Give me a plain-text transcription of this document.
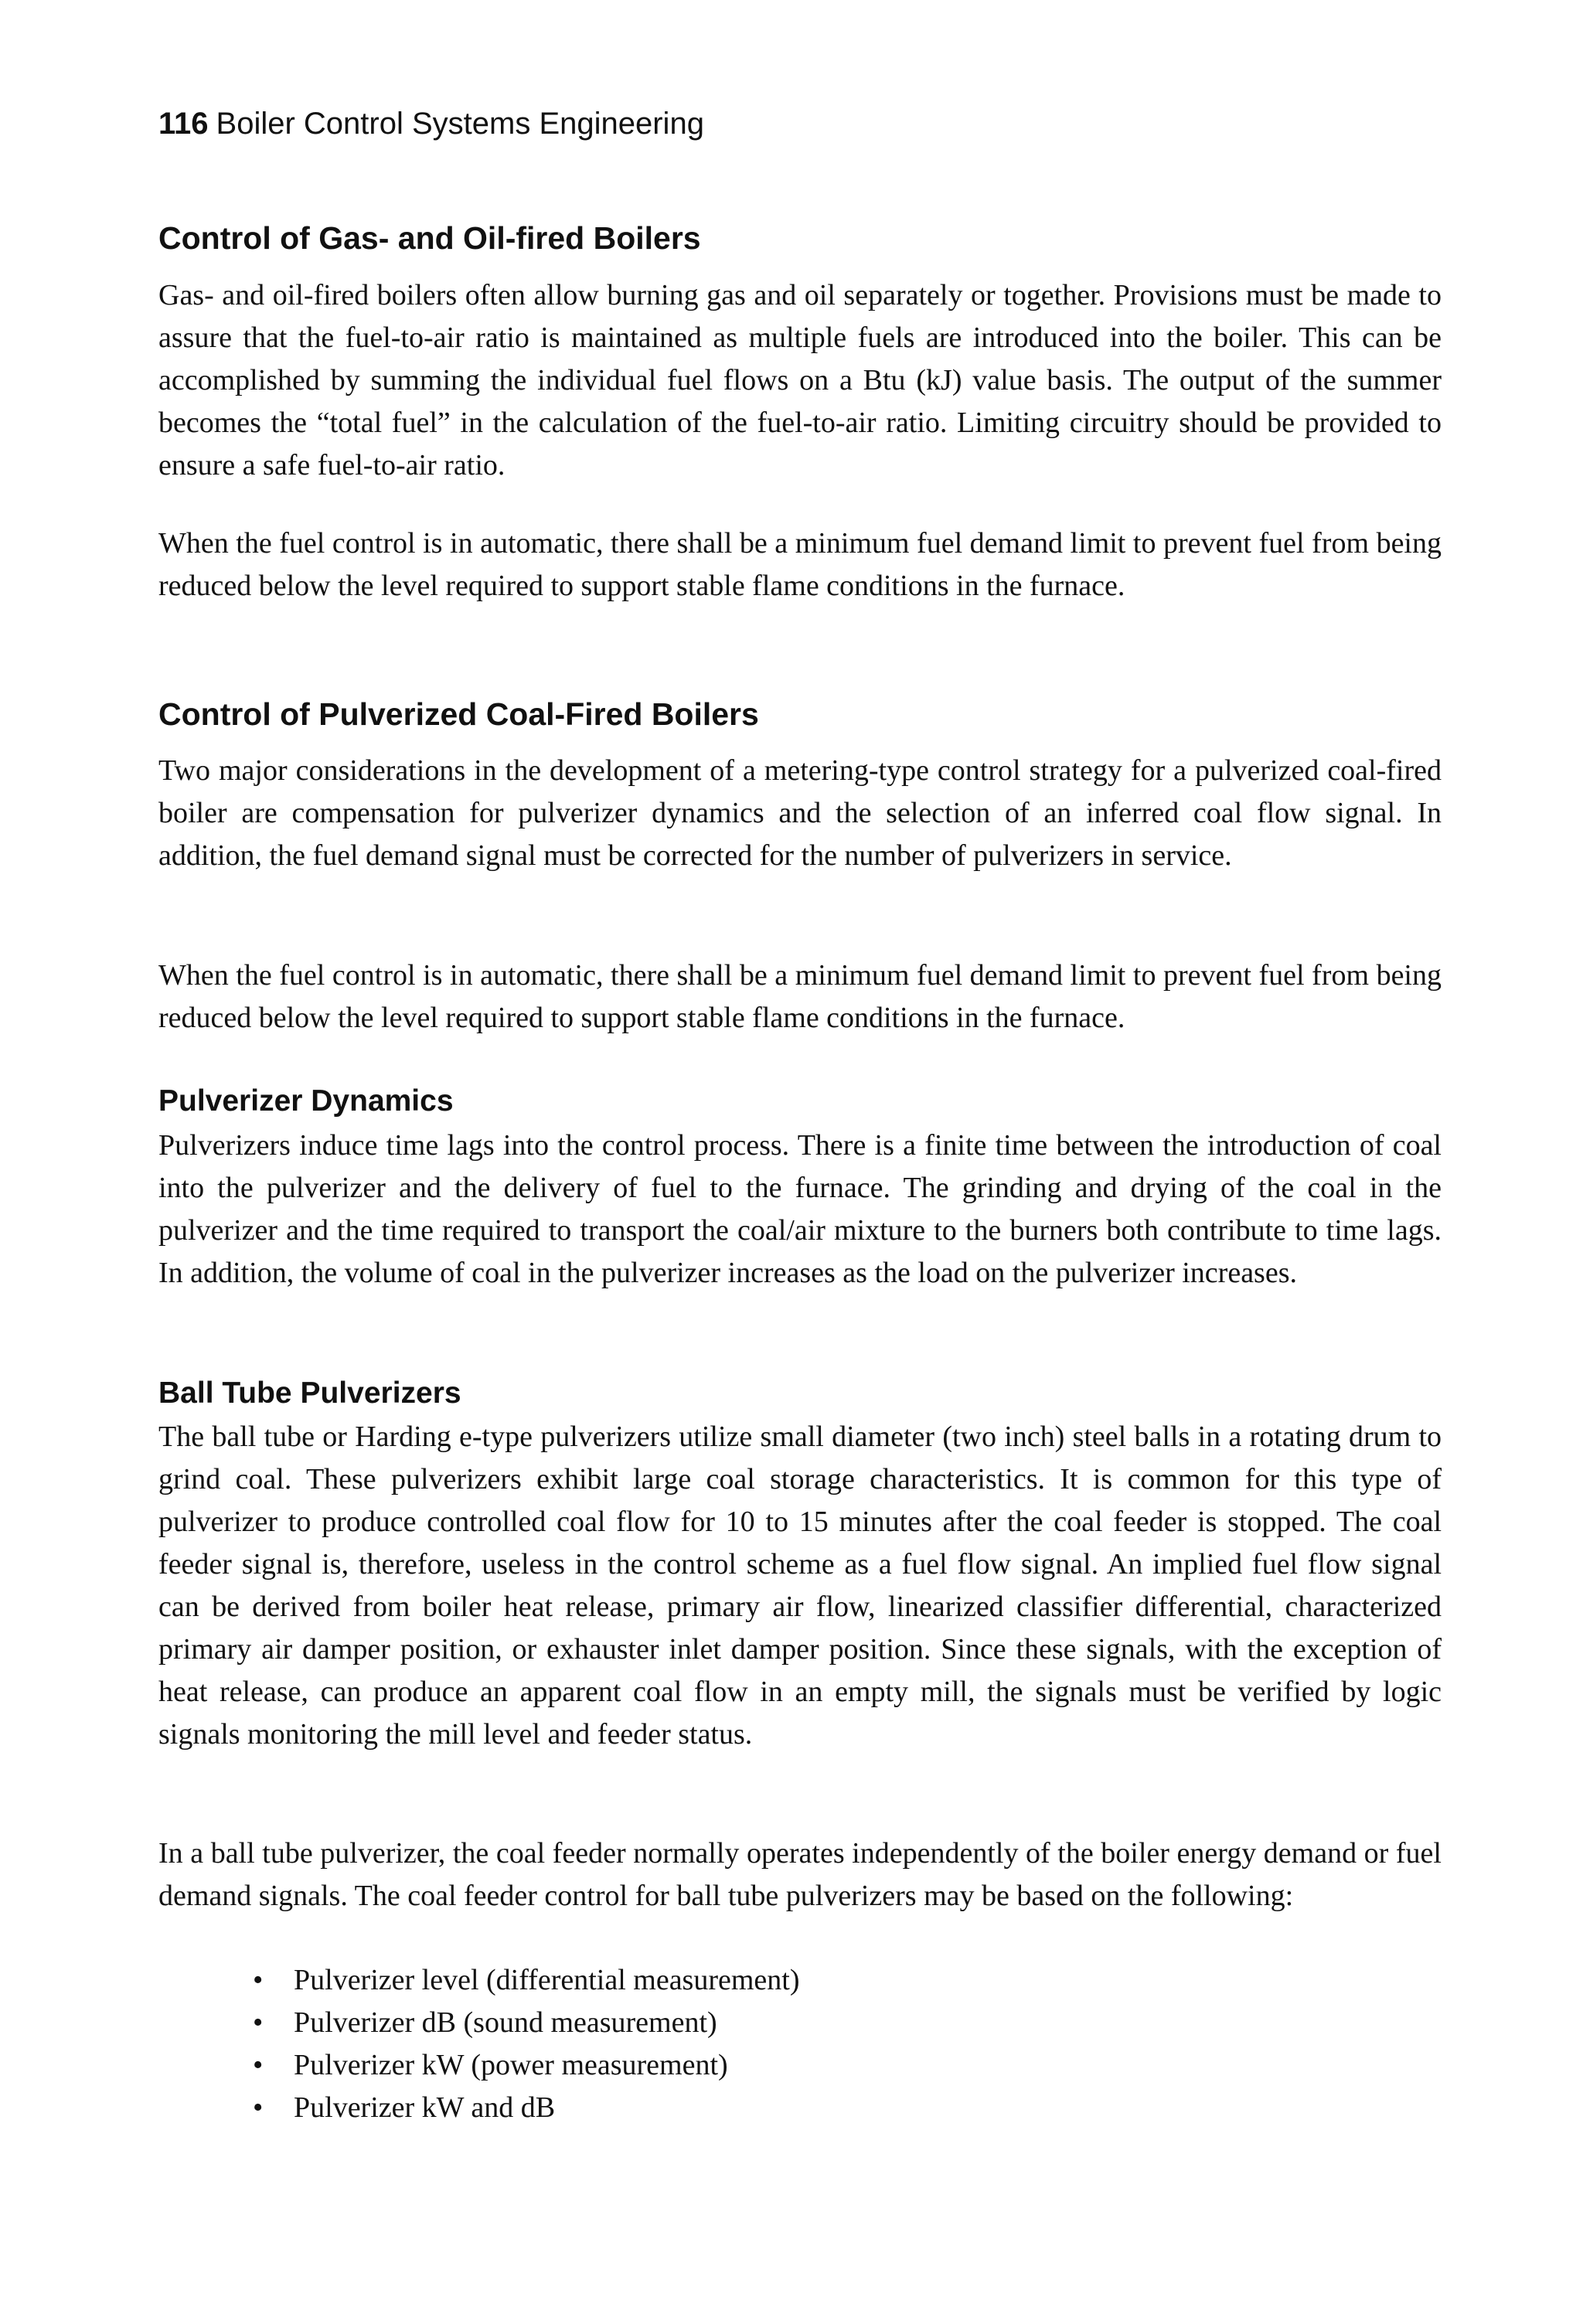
116 Boiler Control Systems Engineering
Control of Gas- and Oil-fired Boilers

Gas- and oil-fired boilers often allow burning gas and oil separately or together. Provisions must be made to assure that the fuel-to-air ratio is maintained as multiple fuels are introduced into the boiler. This can be accomplished by summing the individual fuel flows on a Btu (kJ) value basis. The output of the summer becomes the “total fuel” in the calculation of the fuel-to-air ratio. Limiting circuitry should be provided to ensure a safe fuel-to-air ratio.

When the fuel control is in automatic, there shall be a minimum fuel demand limit to prevent fuel from being reduced below the level required to support stable flame conditions in the furnace.

Control of Pulverized Coal-Fired Boilers

Two major considerations in the development of a metering-type control strategy for a pulverized coal-fired boiler are compensation for pulverizer dynamics and the selection of an inferred coal flow signal. In addition, the fuel demand signal must be corrected for the number of pulverizers in service.

When the fuel control is in automatic, there shall be a minimum fuel demand limit to prevent fuel from being reduced below the level required to support stable flame conditions in the furnace.

Pulverizer Dynamics

Pulverizers induce time lags into the control process. There is a finite time between the introduction of coal into the pulverizer and the delivery of fuel to the furnace. The grinding and drying of the coal in the pulverizer and the time required to transport the coal/air mixture to the burners both contribute to time lags. In addition, the volume of coal in the pulverizer increases as the load on the pulverizer increases.

Ball Tube Pulverizers

The ball tube or Harding e-type pulverizers utilize small diameter (two inch) steel balls in a rotating drum to grind coal. These pulverizers exhibit large coal storage characteristics. It is common for this type of pulverizer to produce controlled coal flow for 10 to 15 minutes after the coal feeder is stopped. The coal feeder signal is, therefore, useless in the control scheme as a fuel flow signal. An implied fuel flow signal can be derived from boiler heat release, primary air flow, linearized classifier differential, characterized primary air damper position, or exhauster inlet damper position. Since these signals, with the exception of heat release, can produce an apparent coal flow in an empty mill, the signals must be verified by logic signals monitoring the mill level and feeder status.

In a ball tube pulverizer, the coal feeder normally operates independently of the boiler energy demand or fuel demand signals. The coal feeder control for ball tube pulverizers may be based on the following:

• Pulverizer level (differential measurement)
• Pulverizer dB (sound measurement)
• Pulverizer kW (power measurement)
• Pulverizer kW and dB
